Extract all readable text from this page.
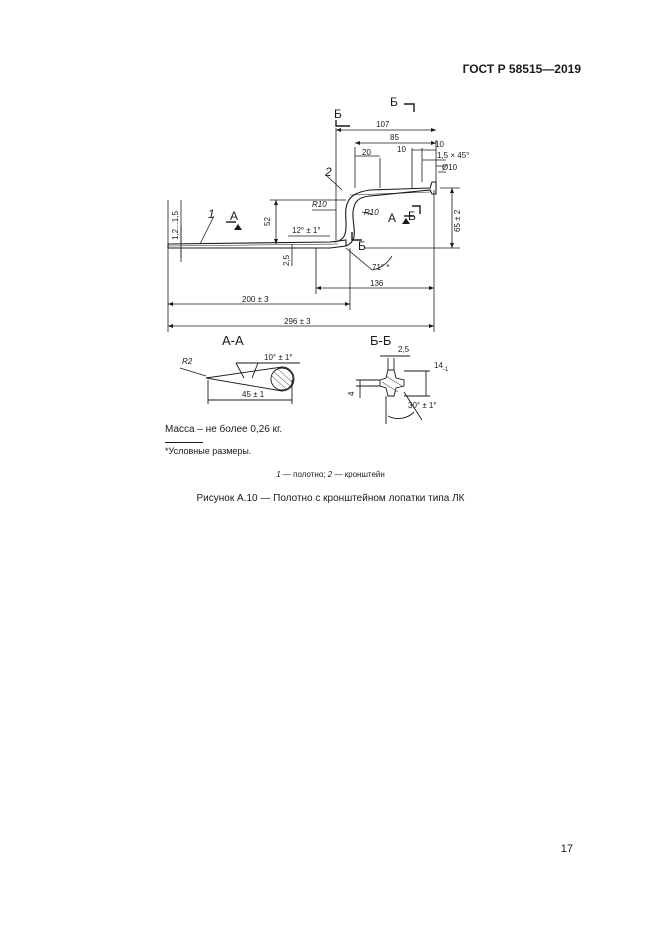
ГОСТ Р 58515—2019
Б
Б
Б
А	А Б
1
2
107
85
10
10
20	1,5 × 45°
Ø10
R10
R10
52	65 ± 2
12° ± 1°
71° *
2,5
1,2...1,5
136
200 ± 3
296 ± 3
А-А
R2	10° ± 1°
45 ± 1
Б-Б
2,5
$14_{-1}$
4
30° ± 1°
Масса – не более 0,26 кг.
*Условные размеры.
1 — полотно; 2 — кронштейн
Рисунок А.10 — Полотно с кронштейном лопатки типа ЛК
17
